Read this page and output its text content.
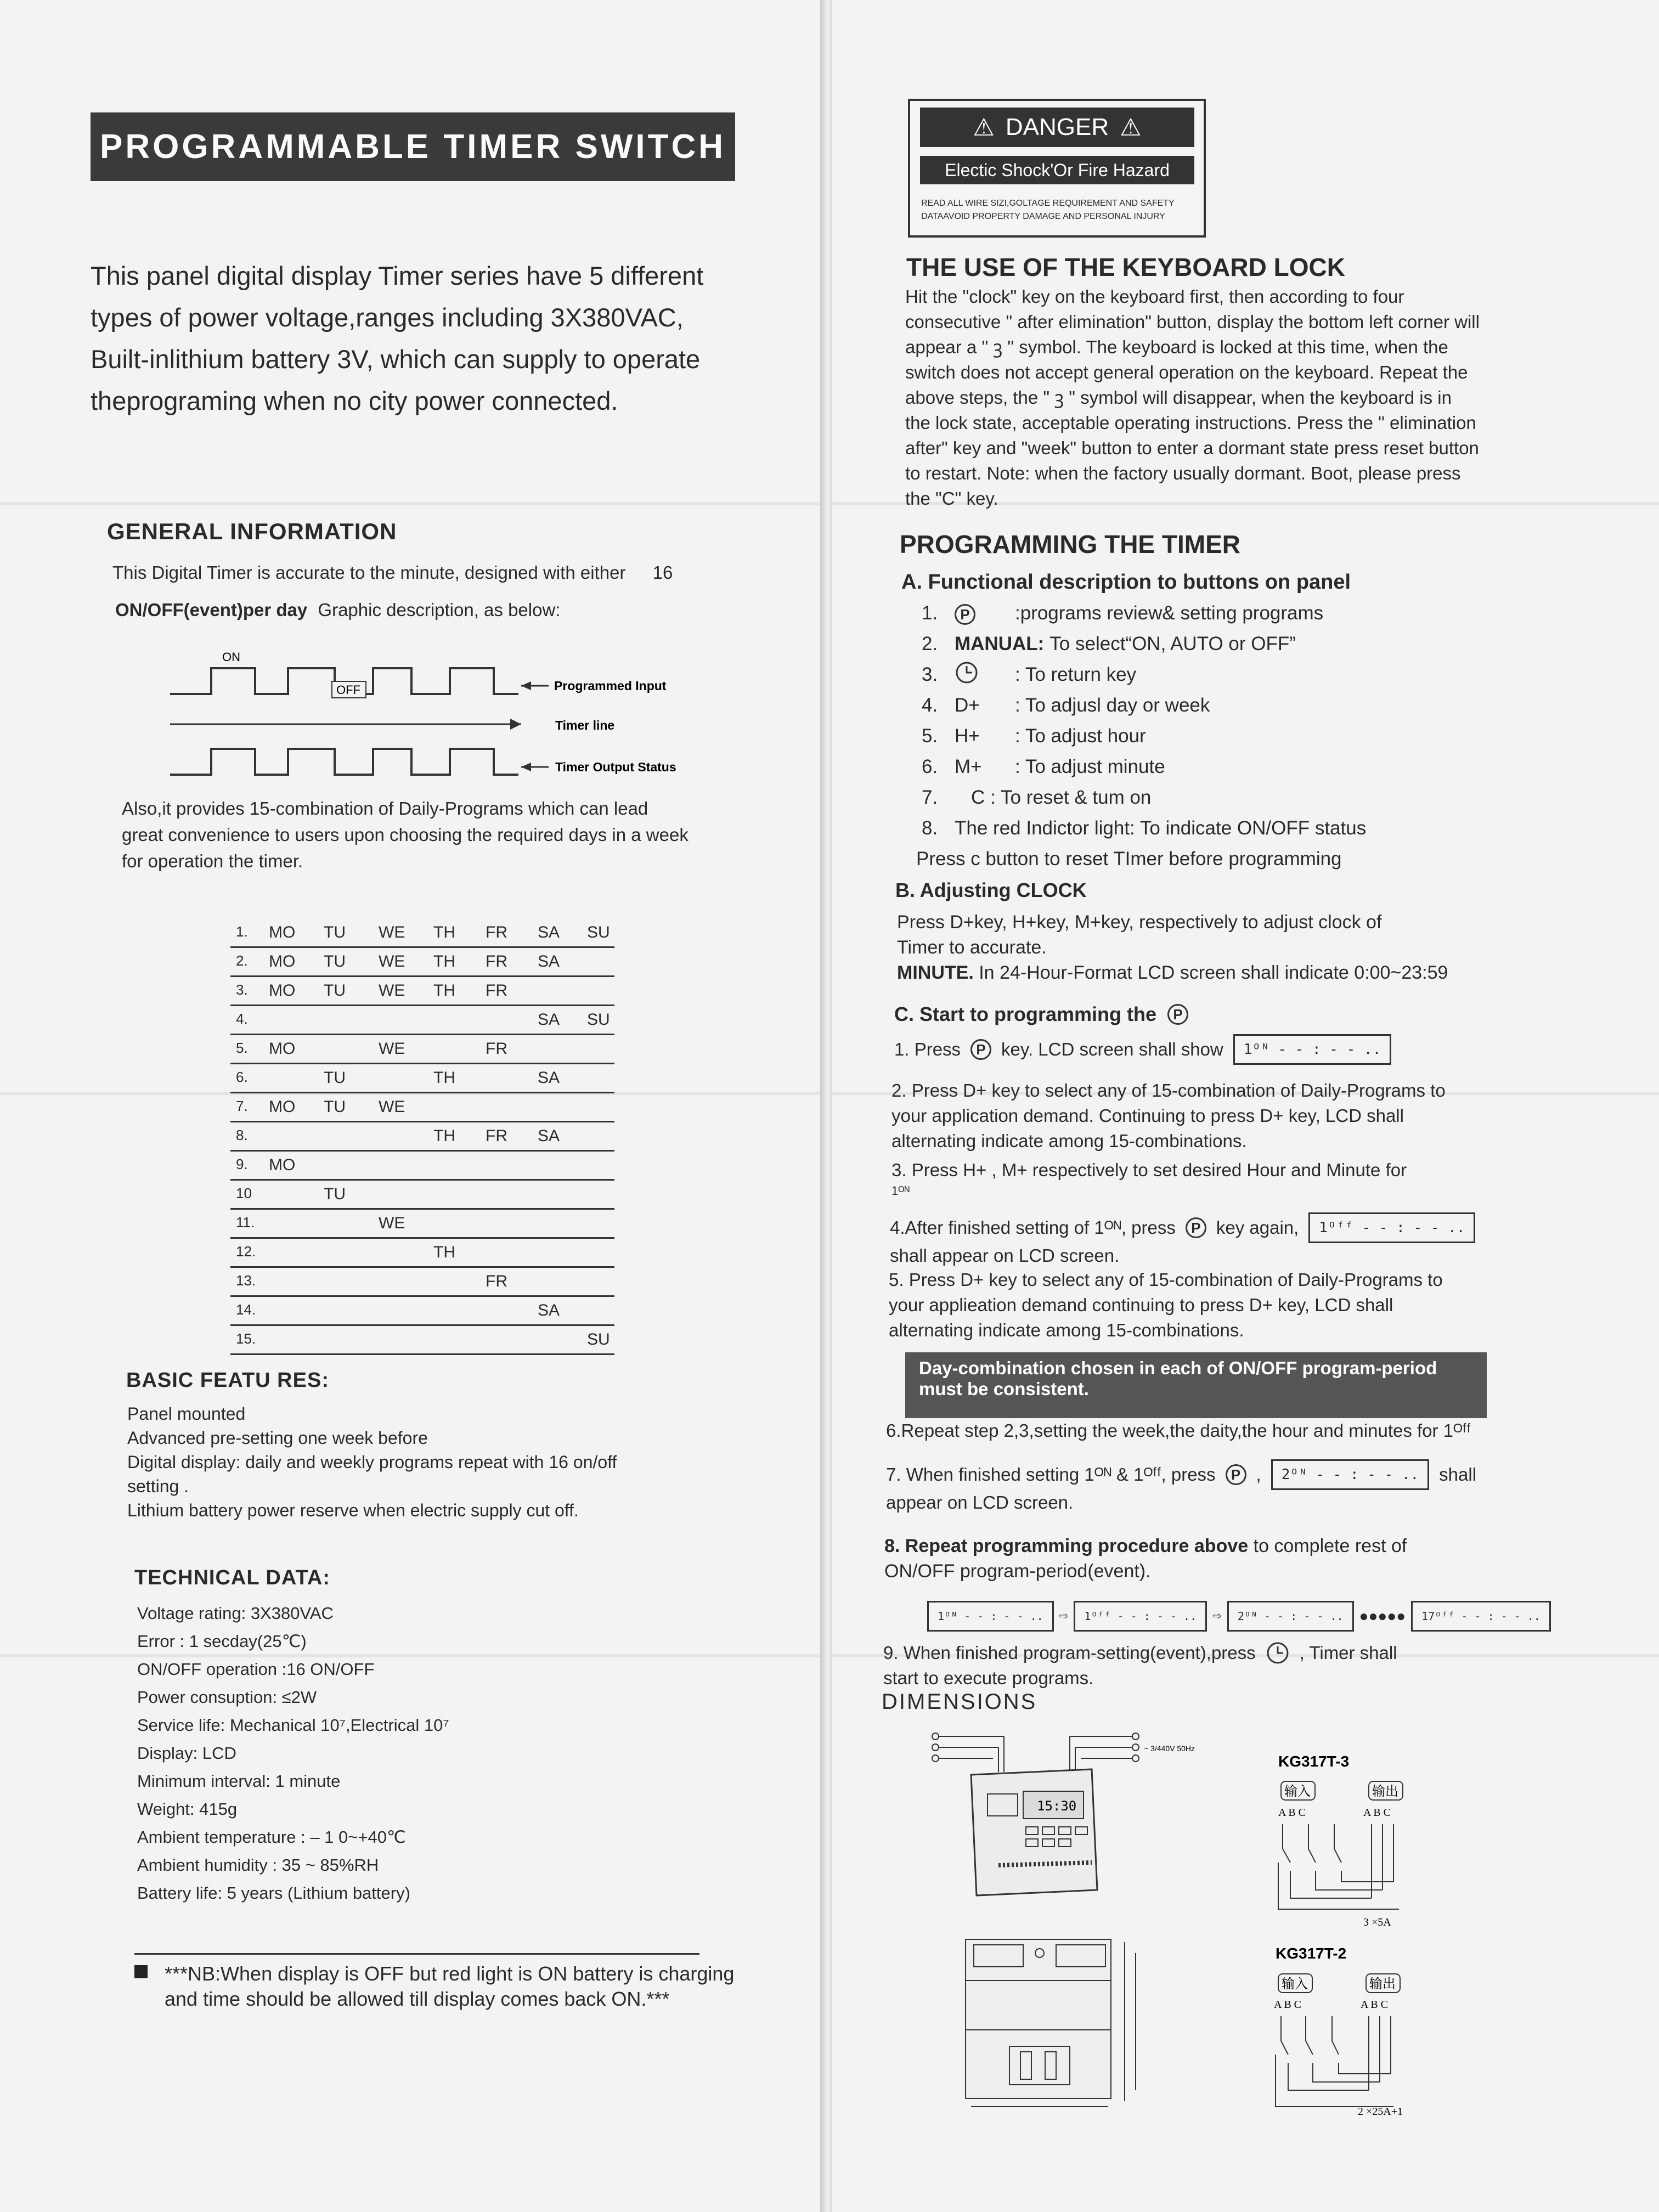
PROGRAMMABLE TIMER SWITCH
This panel digital display Timer series have 5 different
types of power voltage,ranges including 3X380VAC,
Built-inlithium battery 3V, which can supply to operate
theprograming when no city power connected.
GENERAL INFORMATION
This Digital Timer is accurate to the minute, designed with either 16
ON/OFF(event)per day Graphic description, as below:
ON
OFF	Programmed Input
Timer line
Timer Output Status
Also,it provides 15-combination of Daily-Programs which can lead
great convenience to users upon choosing the required days in a week
for operation the timer.
1. MO TU WE TH FR SA SU
2. MO TU WE TH FR SA
3. MO TU WE TH FR
4.	SA SU
5. MO	WE	FR
6.	TU	TH	SA
7. MO TU WE
8.	TH FR SA
9. MO
10	TU
11.	WE
12.	TH
13.	FR
14.	SA
15.	SU
BASIC FEATU RES:
Panel mounted
Advanced pre-setting one week before
Digital display: daily and weekly programs repeat with 16 on/off
setting .
Lithium battery power reserve when electric supply cut off.
TECHNICAL DATA:
Voltage rating: 3X380VAC
Error : 1 secday(25℃)
ON/OFF operation :16 ON/OFF
Power consuption: ≤2W
Service life: Mechanical 10⁷,Electrical 10⁷
Display: LCD
Minimum interval: 1 minute
Weight: 415g
Ambient temperature : – 1 0~+40℃
Ambient humidity : 35 ~ 85%RH
Battery life: 5 years (Lithium battery)
***NB:When display is OFF but red light is ON battery is charging and time should be allowed till display comes back ON.***
⚠ DANGER ⚠
Electic Shock'Or Fire Hazard
READ ALL WIRE SIZI,GOLTAGE REQUIREMENT AND SAFETY DATAAVOID PROPERTY DAMAGE AND PERSONAL INJURY
THE USE OF THE KEYBOARD LOCK
Hit the "clock" key on the keyboard first, then according to four
consecutive " after elimination" button, display the bottom left corner will
appear a " ꝫ " symbol. The keyboard is locked at this time, when the
switch does not accept general operation on the keyboard. Repeat the
above steps, the " ꝫ " symbol will disappear, when the keyboard is in
the lock state, acceptable operating instructions. Press the " elimination
after" key and "week" button to enter a dormant state press reset button
to restart. Note: when the factory usually dormant. Boot, please press
the "C" key.
PROGRAMMING THE TIMER
A. Functional description to buttons on panel
1.	P	:programs review& setting programs
2. MANUAL: To select“ON, AUTO or OFF”
3.	: To return key
4. D+	: To adjusl day or week
5. H+	: To adjust hour
6. M+	: To adjust minute
7.	C : To reset & tum on
8. The red Indictor light: To indicate ON/OFF status
Press c button to reset TImer before programming
B. Adjusting CLOCK
Press D+key, H+key, M+key, respectively to adjust clock of
Timer to accurate.
MINUTE. In 24-Hour-Format LCD screen shall indicate 0:00~23:59
C. Start to programming the	P
1. Press	P key. LCD screen shall show	1ᴼᴺ - - : - - ..
2. Press D+ key to select any of 15-combination of Daily-Programs to
your application demand. Continuing to press D+ key, LCD shall
alternating indicate among 15-combinations.
3. Press H+ , M+ respectively to set desired Hour and Minute for
1ᴼᴺ
4.After finished setting of 1ᴼᴺ, press	P key again,	1ᴼᶠᶠ - - : - - ..
shall appear on LCD screen.
5. Press D+ key to select any of 15-combination of Daily-Programs to
your applieation demand continuing to press D+ key, LCD shall
alternating indicate among 15-combinations.
Day-combination chosen in each of ON/OFF program-period must be consistent.
6.Repeat step 2,3,setting the week,the daity,the hour and minutes for 1ᴼᶠᶠ
7. When finished setting 1ᴼᴺ & 1ᴼᶠᶠ, press	P ,	2ᴼᴺ - - : - - ..	shall
appear on LCD screen.
8. Repeat programming procedure above to complete rest of
ON/OFF program-period(event).
1ᴼᴺ - - : - - ..	⇨	1ᴼᶠᶠ - - : - - ..	⇨	2ᴼᴺ - - : - - ..	●●●●●	17ᴼᶠᶠ - - : - - ..
9. When finished program-setting(event),press , Timer shall
start to execute programs.
DIMENSIONS
~ 3/440V 50Hz
15:30
KG317T-3
输入	输出
A B C	A B C
3 ×5A
KG317T-2
输入	输出
A B C	A B C
2 ×25A+1
